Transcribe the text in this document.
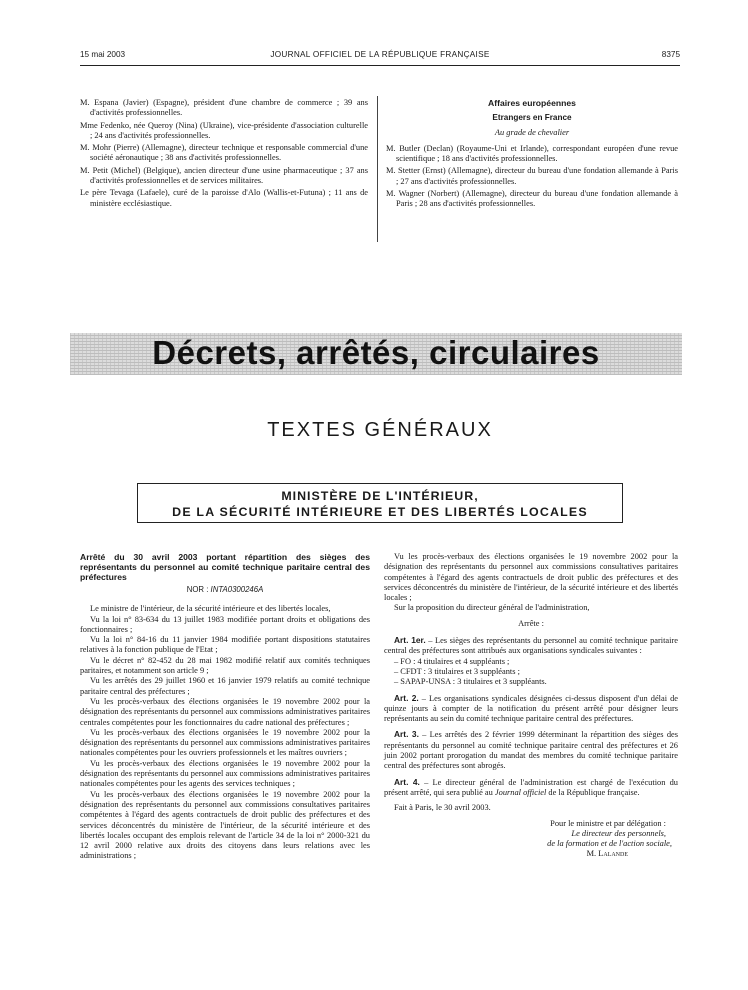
15 mai 2003	JOURNAL OFFICIEL DE LA RÉPUBLIQUE FRANÇAISE	8375

M. Espana (Javier) (Espagne), président d'une chambre de commerce ; 39 ans d'activités professionnelles.

Mme Fedenko, née Queroy (Nina) (Ukraine), vice-présidente d'association culturelle ; 24 ans d'activités professionnelles.

M. Mohr (Pierre) (Allemagne), directeur technique et responsable commercial d'une société aéronautique ; 38 ans d'activités professionnelles.

M. Petit (Michel) (Belgique), ancien directeur d'une usine pharmaceutique ; 37 ans d'activités professionnelles et de services militaires.

Le père Tevaga (Lafaele), curé de la paroisse d'Alo (Wallis-et-Futuna) ; 11 ans de ministère ecclésiastique.

Affaires européennes

Etrangers en France

Au grade de chevalier

M. Butler (Declan) (Royaume-Uni et Irlande), correspondant européen d'une revue scientifique ; 18 ans d'activités professionnelles.

M. Stetter (Ernst) (Allemagne), directeur du bureau d'une fondation allemande à Paris ; 27 ans d'activités professionnelles.

M. Wagner (Norbert) (Allemagne), directeur du bureau d'une fondation allemande à Paris ; 28 ans d'activités professionnelles.

Décrets, arrêtés, circulaires
TEXTES GÉNÉRAUX
MINISTÈRE DE L'INTÉRIEUR,
DE LA SÉCURITÉ INTÉRIEURE ET DES LIBERTÉS LOCALES

Arrêté du 30 avril 2003 portant répartition des sièges des représentants du personnel au comité technique paritaire central des préfectures

NOR : INTA0300246A

Le ministre de l'intérieur, de la sécurité intérieure et des libertés locales,

Vu la loi n° 83-634 du 13 juillet 1983 modifiée portant droits et obligations des fonctionnaires ;

Vu la loi n° 84-16 du 11 janvier 1984 modifiée portant dispositions statutaires relatives à la fonction publique de l'Etat ;

Vu le décret n° 82-452 du 28 mai 1982 modifié relatif aux comités techniques paritaires, et notamment son article 9 ;

Vu les arrêtés des 29 juillet 1960 et 16 janvier 1979 relatifs au comité technique paritaire central des préfectures ;

Vu les procès-verbaux des élections organisées le 19 novembre 2002 pour la désignation des représentants du personnel aux commissions administratives paritaires centrales compétentes pour les fonctionnaires du cadre national des préfectures ;

Vu les procès-verbaux des élections organisées le 19 novembre 2002 pour la désignation des représentants du personnel aux commissions administratives paritaires nationales compétentes pour les ouvriers professionnels et les maîtres ouvriers ;

Vu les procès-verbaux des élections organisées le 19 novembre 2002 pour la désignation des représentants du personnel aux commissions administratives paritaires nationales compétentes pour les agents des services techniques ;

Vu les procès-verbaux des élections organisées le 19 novembre 2002 pour la désignation des représentants du personnel aux commissions consultatives paritaires compétentes à l'égard des agents contractuels de droit public des préfectures et des services déconcentrés du ministère de l'intérieur, de la sécurité intérieure et des libertés locales occupant des emplois relevant de l'article 34 de la loi n° 2000-321 du 12 avril 2000 relative aux droits des citoyens dans leurs relations avec les administrations ;

Vu les procès-verbaux des élections organisées le 19 novembre 2002 pour la désignation des représentants du personnel aux commissions consultatives paritaires compétentes à l'égard des agents contractuels de droit public des préfectures et des services déconcentrés du ministère de l'intérieur, de la sécurité intérieure et des libertés locales ;

Sur la proposition du directeur général de l'administration,

Arrête :

Art. 1er. – Les sièges des représentants du personnel au comité technique paritaire central des préfectures sont attribués aux organisations syndicales suivantes :

– FO : 4 titulaires et 4 suppléants ;

– CFDT : 3 titulaires et 3 suppléants ;

– SAPAP-UNSA : 3 titulaires et 3 suppléants.

Art. 2. – Les organisations syndicales désignées ci-dessus disposent d'un délai de quinze jours à compter de la notification du présent arrêté pour désigner leurs représentants au sein du comité technique paritaire central des préfectures.

Art. 3. – Les arrêtés des 2 février 1999 déterminant la répartition des sièges des représentants du personnel au comité technique paritaire central des préfectures et 26 juin 2002 portant prorogation du mandat des membres du comité technique paritaire central des préfectures sont abrogés.

Art. 4. – Le directeur général de l'administration est chargé de l'exécution du présent arrêté, qui sera publié au Journal officiel de la République française.

Fait à Paris, le 30 avril 2003.

Pour le ministre et par délégation :

Le directeur des personnels,

de la formation et de l'action sociale,

M. Lalande
